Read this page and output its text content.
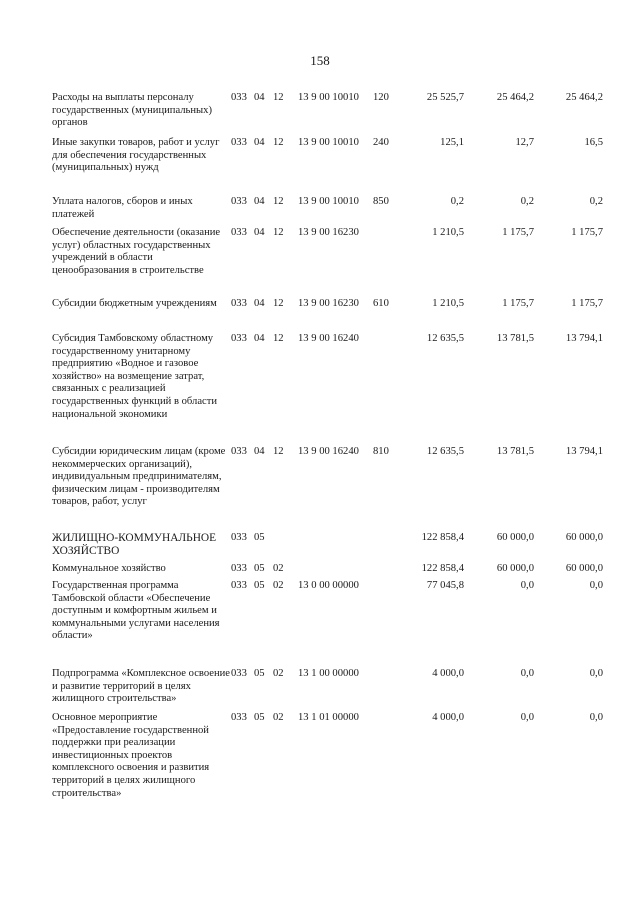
158
Расходы на выплаты персоналу государственных (муниципальных) органов
033 04 12 13 9 00 10010 120	25 525,7	25 464,2	25 464,2
Иные закупки товаров, работ и услуг для обеспечения государственных (муниципальных) нужд
033 04 12 13 9 00 10010 240	125,1	12,7	16,5
Уплата налогов, сборов и иных платежей
033 04 12 13 9 00 10010 850	0,2	0,2	0,2
Обеспечение деятельности (оказание услуг) областных государственных учреждений в области ценообразования в строительстве
033 04 12 13 9 00 16230	1 210,5	1 175,7	1 175,7
Субсидии бюджетным учреждениям	033 04 12 13 9 00 16230 610	1 210,5	1 175,7	1 175,7
Субсидия Тамбовскому областному государственному унитарному предприятию «Водное и газовое хозяйство» на возмещение затрат, связанных с реализацией государственных функций в области национальной экономики
033 04 12 13 9 00 16240	12 635,5	13 781,5	13 794,1
Субсидии юридическим лицам (кроме некоммерческих организаций), индивидуальным предпринимателям, физическим лицам - производителям товаров, работ, услуг
033 04 12 13 9 00 16240 810	12 635,5	13 781,5	13 794,1
ЖИЛИЩНО-КОММУНАЛЬНОЕ ХОЗЯЙСТВО
033 05	122 858,4	60 000,0	60 000,0
Коммунальное хозяйство	033 05 02	122 858,4	60 000,0	60 000,0
Государственная программа Тамбовской области «Обеспечение доступным и комфортным жильем и коммунальными услугами населения области»
033 05 02 13 0 00 00000	77 045,8	0,0	0,0
Подпрограмма «Комплексное освоение и развитие территорий в целях жилищного строительства»
033 05 02 13 1 00 00000	4 000,0	0,0	0,0
Основное мероприятие «Предоставление государственной поддержки при реализации инвестиционных проектов комплексного освоения и развития территорий в целях жилищного строительства»
033 05 02 13 1 01 00000	4 000,0	0,0	0,0
